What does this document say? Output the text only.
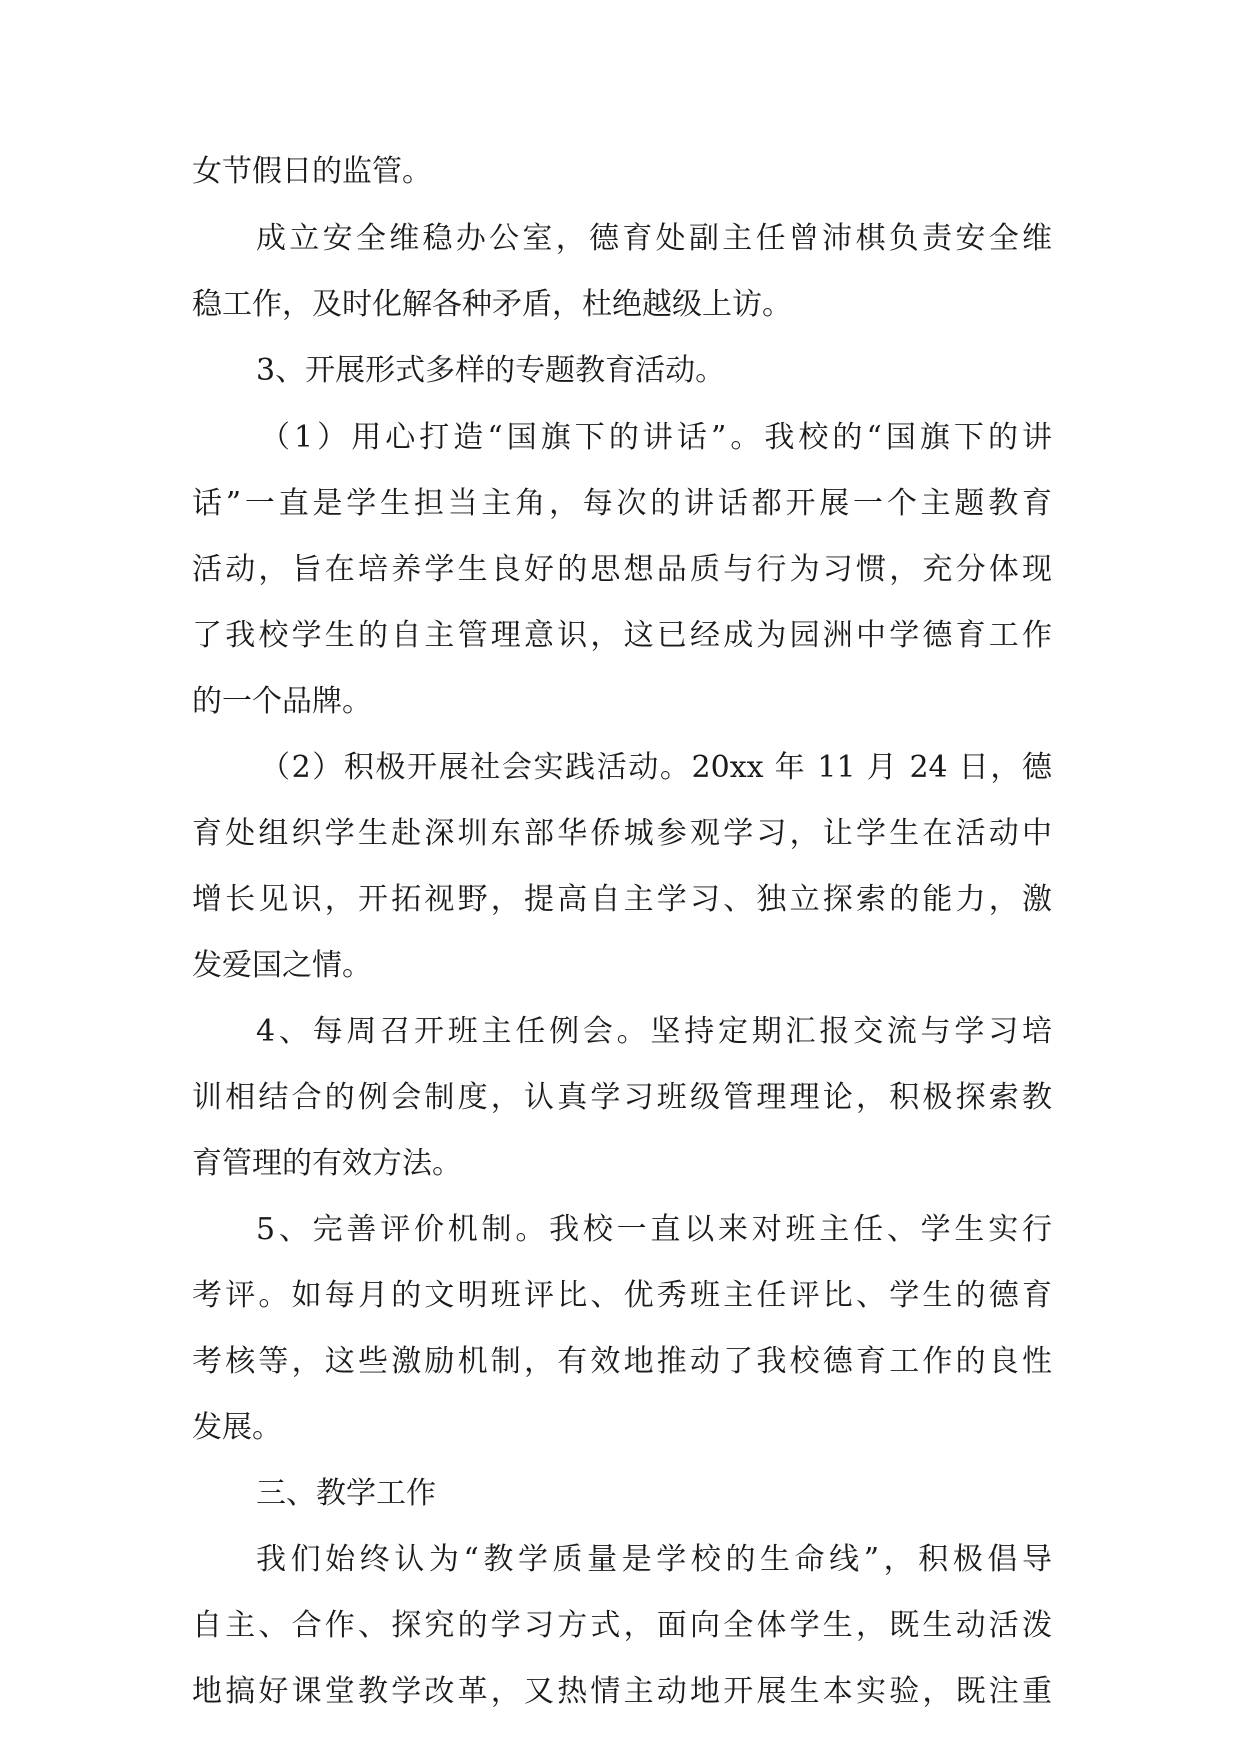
女节假日的监管。
成立安全维稳办公室，德育处副主任曾沛棋负责安全维
稳工作，及时化解各种矛盾，杜绝越级上访。
3、开展形式多样的专题教育活动。
（1）用心打造“国旗下的讲话”。我校的“国旗下的讲
话”一直是学生担当主角，每次的讲话都开展一个主题教育
活动，旨在培养学生良好的思想品质与行为习惯，充分体现
了我校学生的自主管理意识，这已经成为园洲中学德育工作
的一个品牌。
（2）积极开展社会实践活动。20xx 年 11 月 24 日，德
育处组织学生赴深圳东部华侨城参观学习，让学生在活动中
增长见识，开拓视野，提高自主学习、独立探索的能力，激
发爱国之情。
4、每周召开班主任例会。坚持定期汇报交流与学习培
训相结合的例会制度，认真学习班级管理理论，积极探索教
育管理的有效方法。
5、完善评价机制。我校一直以来对班主任、学生实行
考评。如每月的文明班评比、优秀班主任评比、学生的德育
考核等，这些激励机制，有效地推动了我校德育工作的良性
发展。
三、教学工作
我们始终认为“教学质量是学校的生命线”，积极倡导
自主、合作、探究的学习方式，面向全体学生，既生动活泼
地搞好课堂教学改革，又热情主动地开展生本实验，既注重
